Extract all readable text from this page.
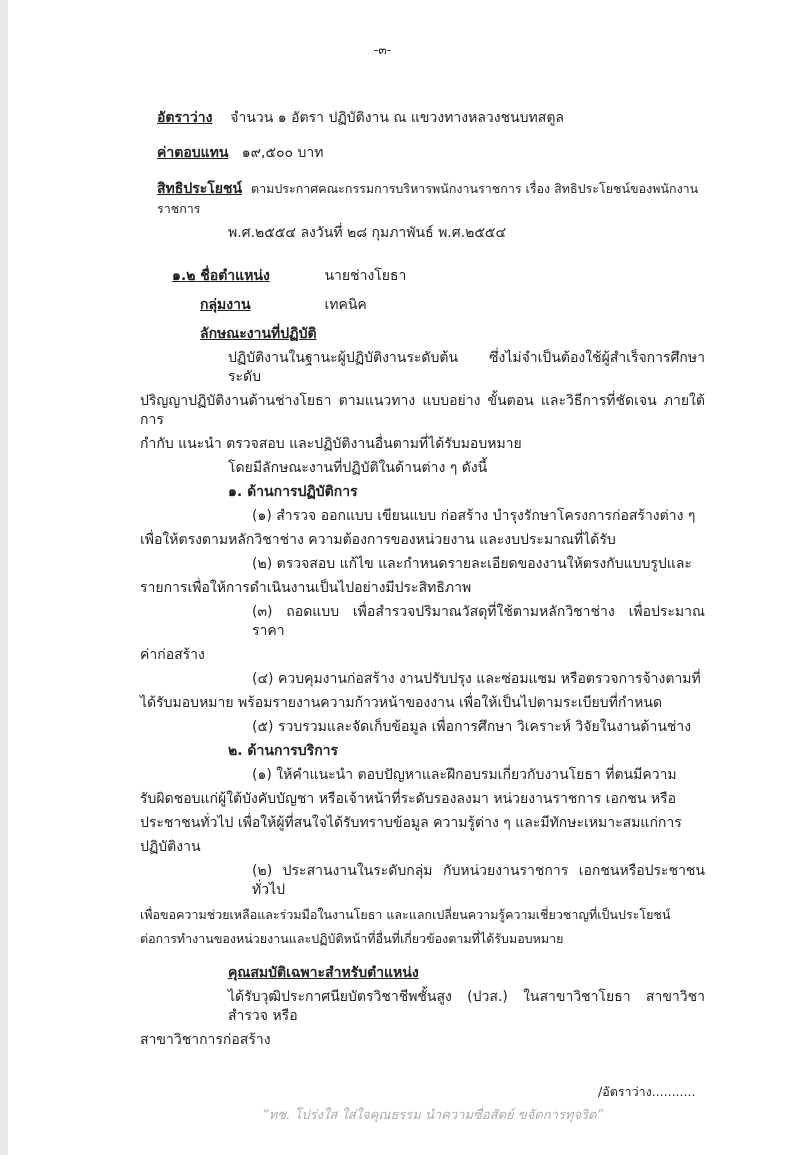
-๓-
อัตราว่าง จำนวน ๑ อัตรา ปฏิบัติงาน ณ แขวงทางหลวงชนบทสตูล
ค่าตอบแทน ๑๙,๕๐๐ บาท
สิทธิประโยชน์ ตามประกาศคณะกรรมการบริหารพนักงานราชการ เรื่อง สิทธิประโยชน์ของพนักงานราชการ
พ.ศ.๒๕๕๔ ลงวันที่ ๒๘ กุมภาพันธ์ พ.ศ.๒๕๕๔
๑.๒ ชื่อตำแหน่ง	นายช่างโยธา
กลุ่มงาน	เทคนิค
ลักษณะงานที่ปฏิบัติ
ปฏิบัติงานในฐานะผู้ปฏิบัติงานระดับต้น ซึ่งไม่จำเป็นต้องใช้ผู้สำเร็จการศึกษาระดับ
ปริญญาปฏิบัติงานด้านช่างโยธา ตามแนวทาง แบบอย่าง ขั้นตอน และวิธีการที่ชัดเจน ภายใต้การ
กำกับ แนะนำ ตรวจสอบ และปฏิบัติงานอื่นตามที่ได้รับมอบหมาย
โดยมีลักษณะงานที่ปฏิบัติในด้านต่าง ๆ ดังนี้
๑. ด้านการปฏิบัติการ
(๑) สำรวจ ออกแบบ เขียนแบบ ก่อสร้าง บำรุงรักษาโครงการก่อสร้างต่าง ๆ
เพื่อให้ตรงตามหลักวิชาช่าง ความต้องการของหน่วยงาน และงบประมาณที่ได้รับ
(๒) ตรวจสอบ แก้ไข และกำหนดรายละเอียดของงานให้ตรงกับแบบรูปและ
รายการเพื่อให้การดำเนินงานเป็นไปอย่างมีประสิทธิภาพ
(๓) ถอดแบบ เพื่อสำรวจปริมาณวัสดุที่ใช้ตามหลักวิชาช่าง เพื่อประมาณราคา
ค่าก่อสร้าง
(๔) ควบคุมงานก่อสร้าง งานปรับปรุง และซ่อมแซม หรือตรวจการจ้างตามที่
ได้รับมอบหมาย พร้อมรายงานความก้าวหน้าของงาน เพื่อให้เป็นไปตามระเบียบที่กำหนด
(๕) รวบรวมและจัดเก็บข้อมูล เพื่อการศึกษา วิเคราะห์ วิจัยในงานด้านช่าง
๒. ด้านการบริการ
(๑) ให้คำแนะนำ ตอบปัญหาและฝึกอบรมเกี่ยวกับงานโยธา ที่ตนมีความ
รับผิดชอบแก่ผู้ใต้บังคับบัญชา หรือเจ้าหน้าที่ระดับรองลงมา หน่วยงานราชการ เอกชน หรือ
ประชาชนทั่วไป เพื่อให้ผู้ที่สนใจได้รับทราบข้อมูล ความรู้ต่าง ๆ และมีทักษะเหมาะสมแก่การ
ปฏิบัติงาน
(๒) ประสานงานในระดับกลุ่ม กับหน่วยงานราชการ เอกชนหรือประชาชนทั่วไป
เพื่อขอความช่วยเหลือและร่วมมือในงานโยธา และแลกเปลี่ยนความรู้ความเชี่ยวชาญที่เป็นประโยชน์
ต่อการทำงานของหน่วยงานและปฏิบัติหน้าที่อื่นที่เกี่ยวข้องตามที่ได้รับมอบหมาย
คุณสมบัติเฉพาะสำหรับตำแหน่ง
ได้รับวุฒิประกาศนียบัตรวิชาชีพชั้นสูง (ปวส.) ในสาขาวิชาโยธา สาขาวิชาสำรวจ หรือ
สาขาวิชาการก่อสร้าง
/อัตราว่าง...........
“ทช. โปร่งใส ใส่ใจคุณธรรม นำความซื่อสัตย์ ขจัดการทุจริต”
